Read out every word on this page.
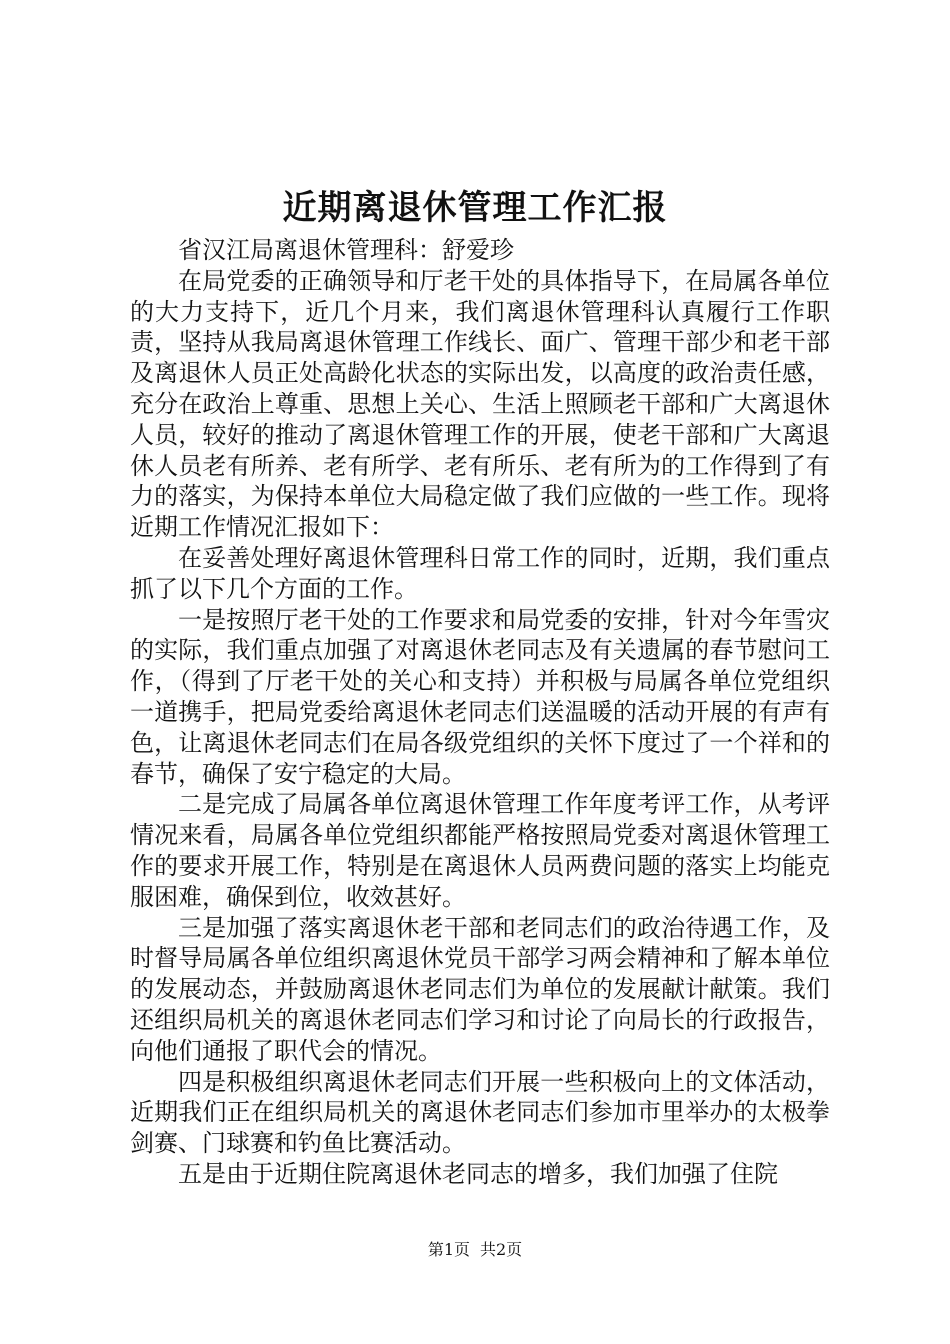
近期离退休管理工作汇报

省汉江局离退休管理科：舒爱珍

在局党委的正确领导和厅老干处的具体指导下，在局属各单位的大力支持下，近几个月来，我们离退休管理科认真履行工作职责，坚持从我局离退休管理工作线长、面广、管理干部少和老干部及离退休人员正处高龄化状态的实际出发，以高度的政治责任感，充分在政治上尊重、思想上关心、生活上照顾老干部和广大离退休人员，较好的推动了离退休管理工作的开展，使老干部和广大离退休人员老有所养、老有所学、老有所乐、老有所为的工作得到了有力的落实，为保持本单位大局稳定做了我们应做的一些工作。现将近期工作情况汇报如下：

在妥善处理好离退休管理科日常工作的同时，近期，我们重点抓了以下几个方面的工作。

一是按照厅老干处的工作要求和局党委的安排，针对今年雪灾的实际，我们重点加强了对离退休老同志及有关遗属的春节慰问工作，（得到了厅老干处的关心和支持）并积极与局属各单位党组织一道携手，把局党委给离退休老同志们送温暖的活动开展的有声有色，让离退休老同志们在局各级党组织的关怀下度过了一个祥和的春节，确保了安宁稳定的大局。

二是完成了局属各单位离退休管理工作年度考评工作，从考评情况来看，局属各单位党组织都能严格按照局党委对离退休管理工作的要求开展工作，特别是在离退休人员两费问题的落实上均能克服困难，确保到位，收效甚好。

三是加强了落实离退休老干部和老同志们的政治待遇工作，及时督导局属各单位组织离退休党员干部学习两会精神和了解本单位的发展动态，并鼓励离退休老同志们为单位的发展献计献策。我们还组织局机关的离退休老同志们学习和讨论了向局长的行政报告，向他们通报了职代会的情况。

四是积极组织离退休老同志们开展一些积极向上的文体活动，近期我们正在组织局机关的离退休老同志们参加市里举办的太极拳剑赛、门球赛和钓鱼比赛活动。

五是由于近期住院离退休老同志的增多，我们加强了住院

第1页 共2页
